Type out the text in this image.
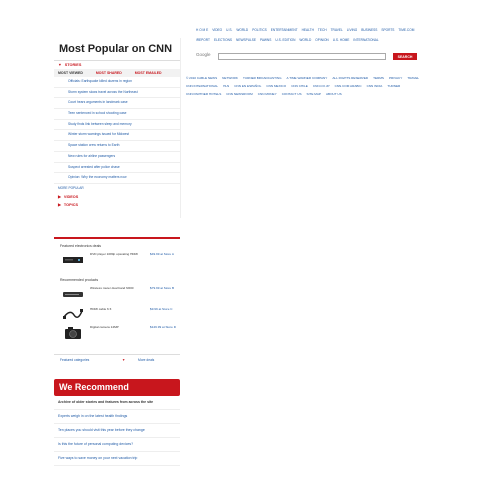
H O M E VIDEO U.S. WORLD POLITICS ENTERTAINMENT HEALTH TECH TRAVEL LIVING BUSINESS SPORTS TIME.COM
iREPORT ELECTIONS NEWSPULSE PAWNS U.S. EDITION WORLD OPINION U.S. HOME INTERNATIONAL
Google	SEARCH
© 2010 CABLE NEWS NETWORK TURNER BROADCASTING A TIME WARNER COMPANY ALL RIGHTS RESERVED TERMS PRIVACY TRAVEL
CNN INTERNATIONAL HLN CNN EN ESPAÑOL CNN MEXICO CNN CHILE CNN.CO.JP CNN.COM ARABIC CNN INDIA TURNER
CNN PARTNER HOTELS CNN NEWSROOM CNN MONEY CONTACT US SITE MAP ABOUT US
Most Popular on CNN
▼ STORIES
MOST VIEWED	MOST SHARED	MOST EMAILED
Officials: Earthquake killed dozens in region
Storm system slows travel across the Northeast
Court hears arguments in landmark case
Teen sentenced in school shooting case
Study finds link between sleep and memory
Winter storm warnings issued for Midwest
Space station crew returns to Earth
New rules for airline passengers
Suspect arrested after police chase
Opinion: Why the economy matters now
MORE POPULAR
▶ VIDEOS
▶ TOPICS
Featured electronics deals
DVD player 1080p upscaling HDMI	$49.99 at Store A
Recommended products
Wireless router dual band N600	$79.99 at Store B
HDMI cable 6 ft	$9.99 at Store C
Digital camera 14MP	$129.99 at Store D
Featured categories	▼	More deals
We Recommend
Archive of older stories and features from across the site
Experts weigh in on the latest health findings
Ten places you should visit this year before they change
Is this the future of personal computing devices?
Five ways to save money on your next vacation trip
